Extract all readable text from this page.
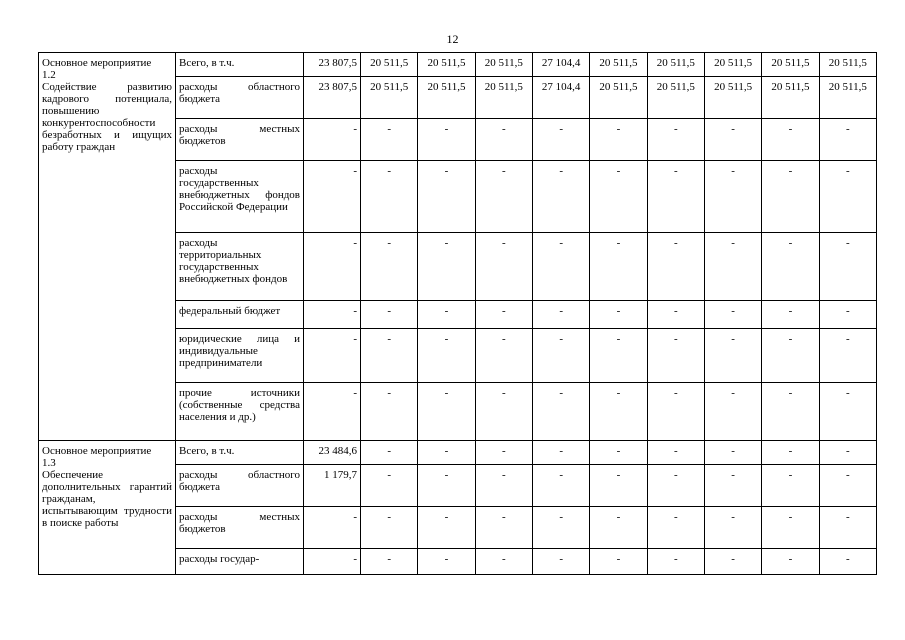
12
Основное мероприятие
1.2
Содействие развитию кадрового потенциала, повышению конкурентоспособности безработных и ищущих работу граждан	Всего, в т.ч.	23 807,5	20 511,5	20 511,5	20 511,5	27 104,4	20 511,5	20 511,5	20 511,5	20 511,5	20 511,5
	расходы областного бюджета	23 807,5	20 511,5	20 511,5	20 511,5	27 104,4	20 511,5	20 511,5	20 511,5	20 511,5	20 511,5
	расходы местных бюджетов	-	-	-	-	-	-	-	-	-	-
	расходы государственных внебюджетных фондов Российской Федерации	-	-	-	-	-	-	-	-	-	-
	расходы территориальных государственных внебюджетных фондов	-	-	-	-	-	-	-	-	-	-
	федеральный бюджет	-	-	-	-	-	-	-	-	-	-
	юридические лица и индивидуальные предприниматели	-	-	-	-	-	-	-	-	-	-
	прочие источники (собственные средства населения и др.)	-	-	-	-	-	-	-	-	-	-

Основное мероприятие
1.3
Обеспечение дополнительных гарантий гражданам, испытывающим трудности в поиске работы	Всего, в т.ч.	23 484,6	-	-	-	-	-	-	-	-	-
	расходы областного бюджета	1 179,7	-	-	-	-	-	-	-	-	-
	расходы местных бюджетов	-	-	-	-	-	-	-	-	-	-
	расходы государ-	-	-	-	-	-	-	-	-	-	-
